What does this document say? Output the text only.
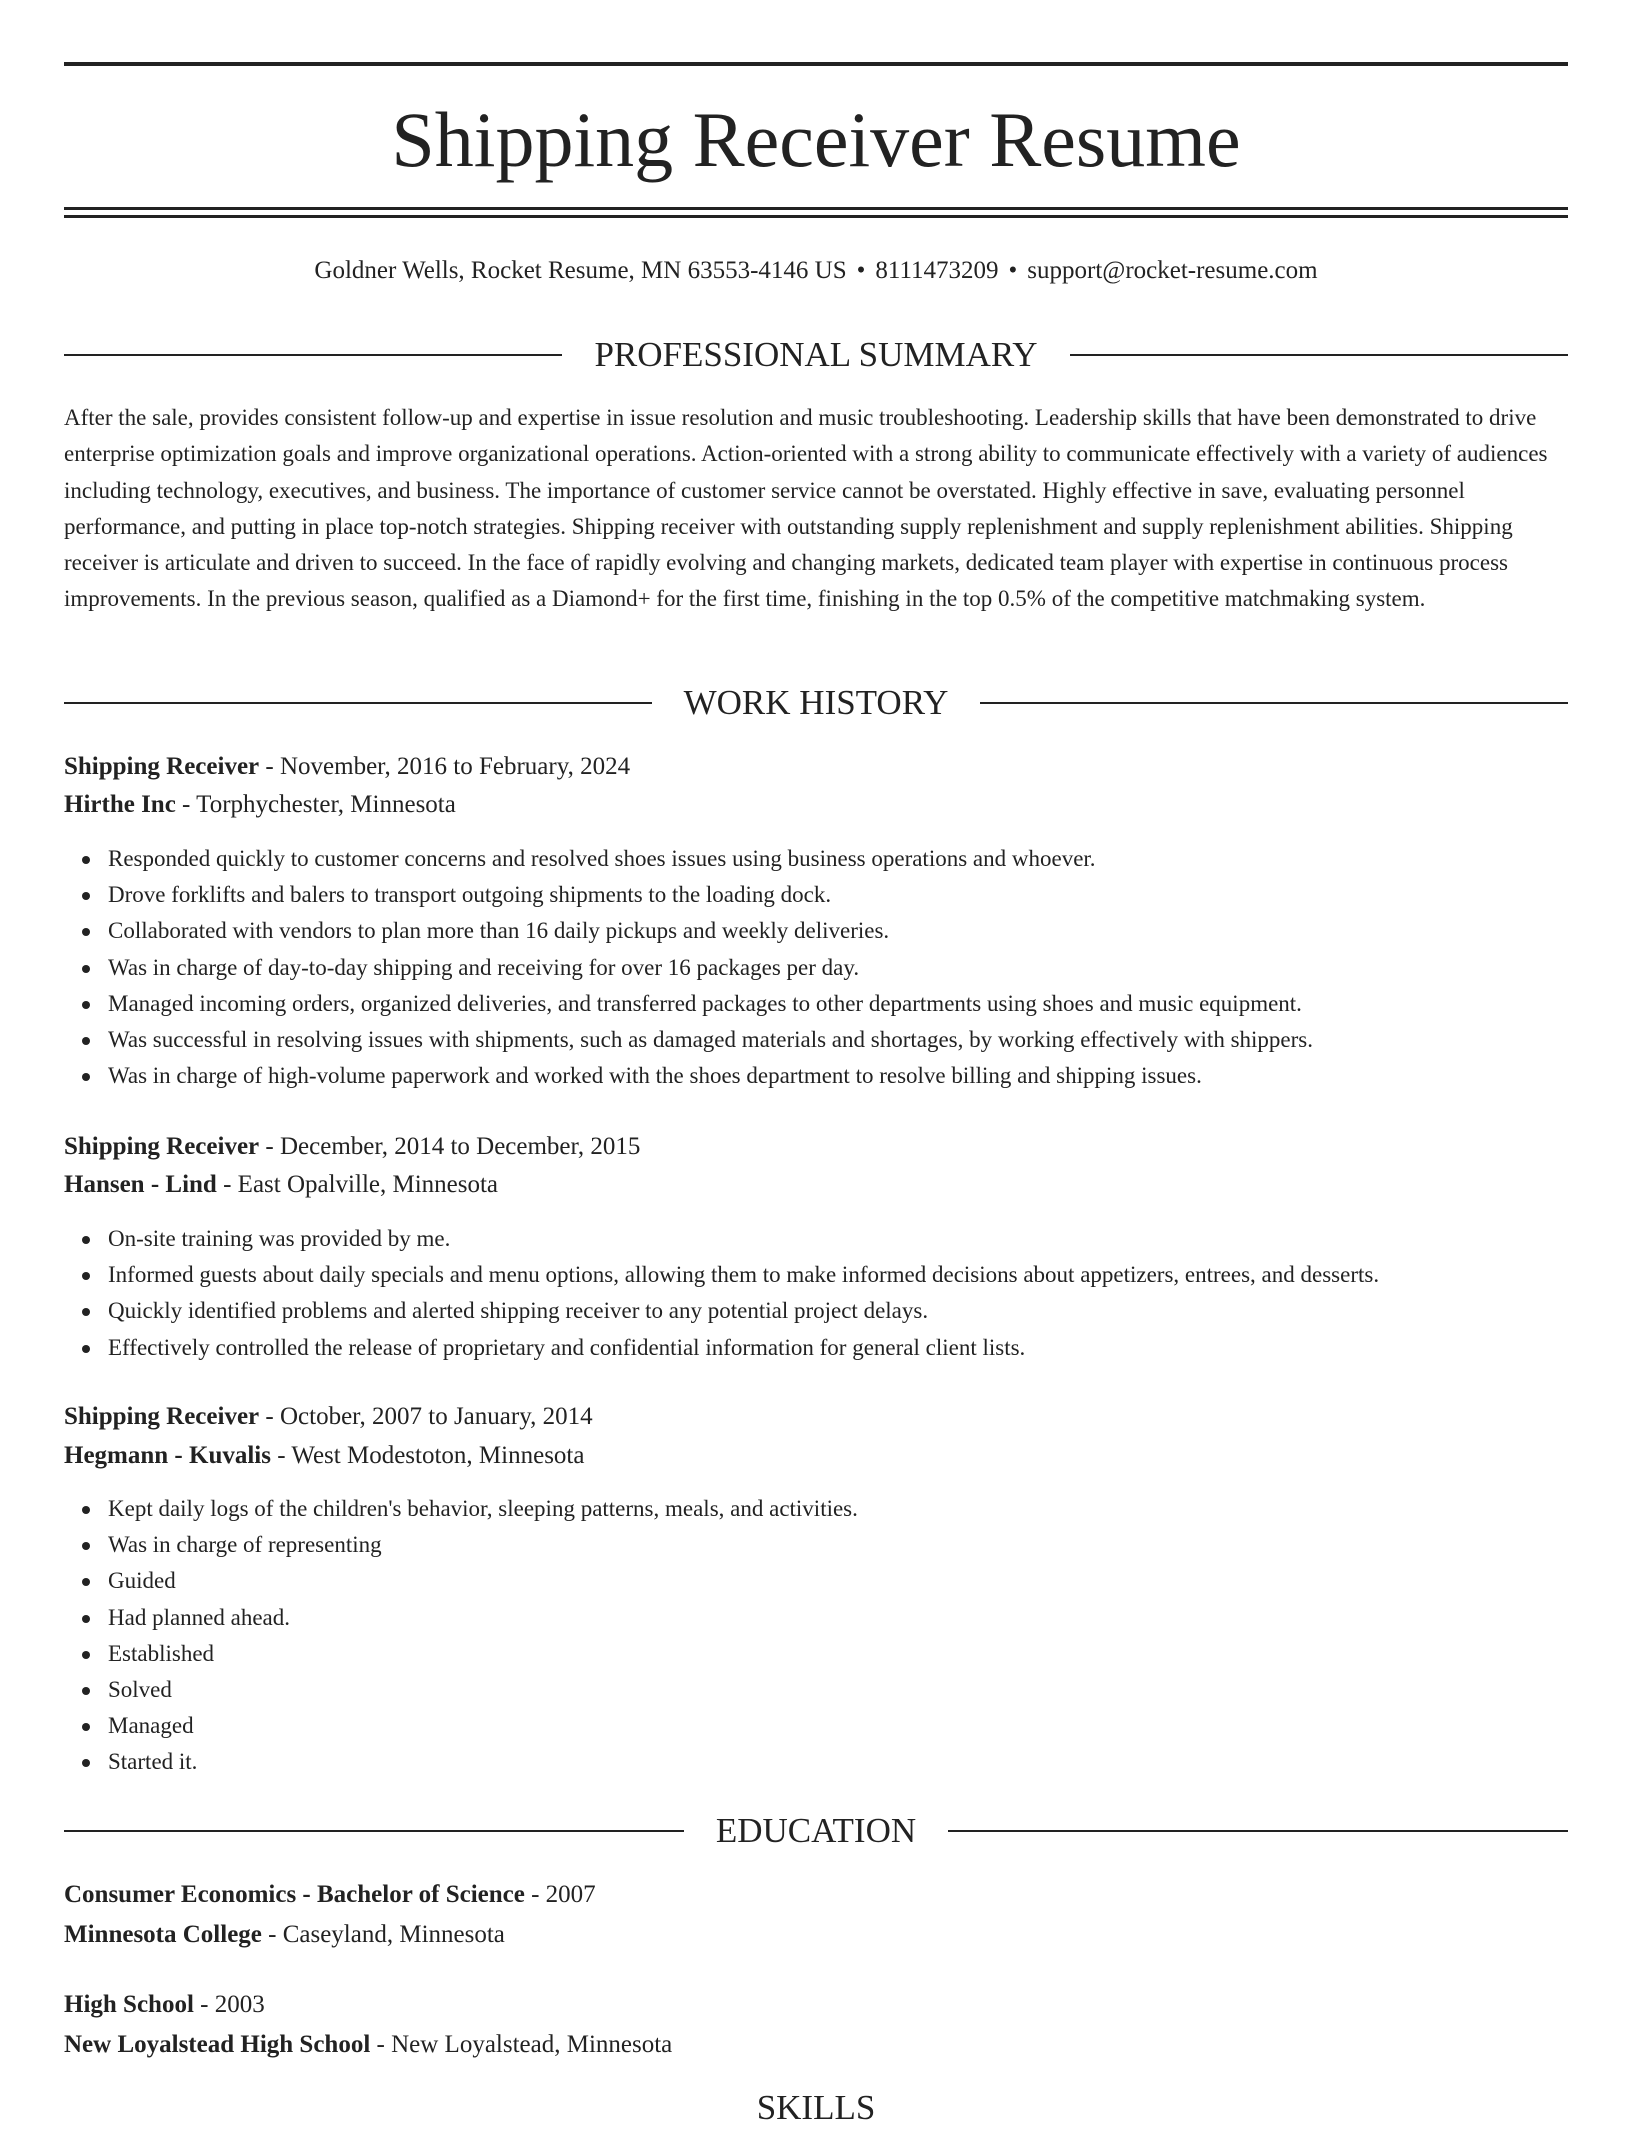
Shipping Receiver Resume
Goldner Wells, Rocket Resume, MN 63553-4146 US • 8111473209 • support@rocket-resume.com
PROFESSIONAL SUMMARY
After the sale, provides consistent follow-up and expertise in issue resolution and music troubleshooting. Leadership skills that have been demonstrated to drive enterprise optimization goals and improve organizational operations. Action-oriented with a strong ability to communicate effectively with a variety of audiences including technology, executives, and business. The importance of customer service cannot be overstated. Highly effective in save, evaluating personnel performance, and putting in place top-notch strategies. Shipping receiver with outstanding supply replenishment and supply replenishment abilities. Shipping receiver is articulate and driven to succeed. In the face of rapidly evolving and changing markets, dedicated team player with expertise in continuous process improvements. In the previous season, qualified as a Diamond+ for the first time, finishing in the top 0.5% of the competitive matchmaking system.
WORK HISTORY
Shipping Receiver - November, 2016 to February, 2024
Hirthe Inc - Torphychester, Minnesota
Responded quickly to customer concerns and resolved shoes issues using business operations and whoever.
Drove forklifts and balers to transport outgoing shipments to the loading dock.
Collaborated with vendors to plan more than 16 daily pickups and weekly deliveries.
Was in charge of day-to-day shipping and receiving for over 16 packages per day.
Managed incoming orders, organized deliveries, and transferred packages to other departments using shoes and music equipment.
Was successful in resolving issues with shipments, such as damaged materials and shortages, by working effectively with shippers.
Was in charge of high-volume paperwork and worked with the shoes department to resolve billing and shipping issues.
Shipping Receiver - December, 2014 to December, 2015
Hansen - Lind - East Opalville, Minnesota
On-site training was provided by me.
Informed guests about daily specials and menu options, allowing them to make informed decisions about appetizers, entrees, and desserts.
Quickly identified problems and alerted shipping receiver to any potential project delays.
Effectively controlled the release of proprietary and confidential information for general client lists.
Shipping Receiver - October, 2007 to January, 2014
Hegmann - Kuvalis - West Modestoton, Minnesota
Kept daily logs of the children's behavior, sleeping patterns, meals, and activities.
Was in charge of representing
Guided
Had planned ahead.
Established
Solved
Managed
Started it.
EDUCATION
Consumer Economics - Bachelor of Science - 2007
Minnesota College - Caseyland, Minnesota
High School - 2003
New Loyalstead High School - New Loyalstead, Minnesota
SKILLS
